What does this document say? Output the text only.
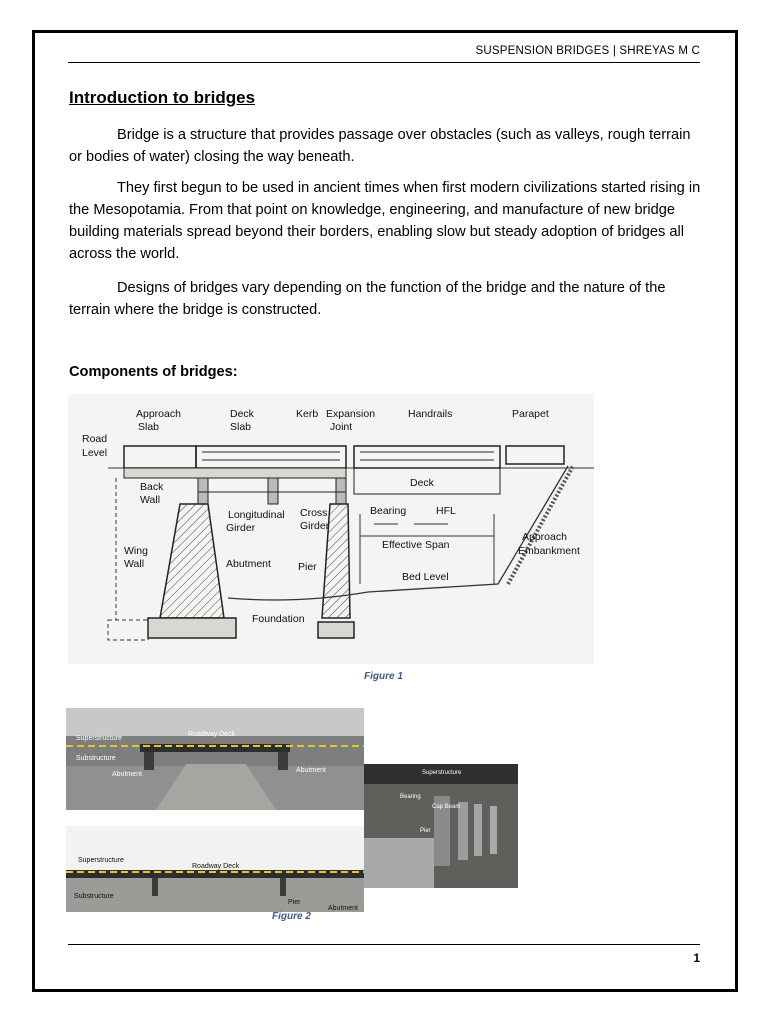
SUSPENSION BRIDGES | SHREYAS M C
Introduction to bridges

Bridge is a structure that provides passage over obstacles (such as valleys, rough terrain or bodies of water) closing the way beneath.

They first begun to be used in ancient times when first modern civilizations started rising in the Mesopotamia. From that point on knowledge, engineering, and manufacture of new bridge building materials spread beyond their borders, enabling slow but steady adoption of bridges all across the world.

Designs of bridges vary depending on the function of the bridge and the nature of the terrain where the bridge is constructed.

Components of bridges:
Approach
Slab
Deck
Slab
Kerb Expansion
Joint
Handrails	Parapet
Road
Level
Back
Wall
Deck
Longitudinal
Girder
Cross
Girder
Bearing	HFL
Wing
Wall	Abutment	Pier
Effective Span
Approach
Embankment
Bed Level
Foundation
Figure 1
Superstructure
Roadway Deck
Substructure
Abutment
Abutment
Superstructure
Roadway Deck
Substructure
Pier
Abutment
Superstructure
Bearing
Cap Beam
Pier
Figure 2
1
